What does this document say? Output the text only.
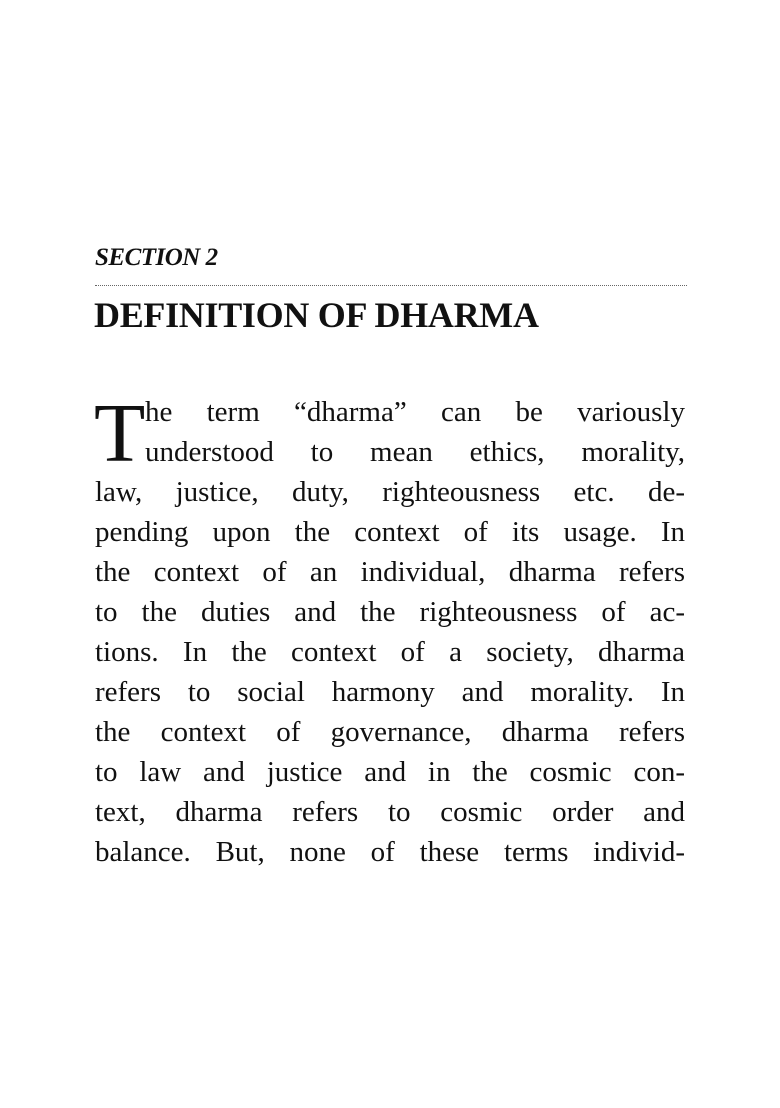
SECTION 2
DEFINITION OF DHARMA
T he term “dharma” can be variously
understood to mean ethics, morality,
law, justice, duty, righteousness etc. de-
pending upon the context of its usage. In
the context of an individual, dharma refers
to the duties and the righteousness of ac-
tions. In the context of a society, dharma
refers to social harmony and morality. In
the context of governance, dharma refers
to law and justice and in the cosmic con-
text, dharma refers to cosmic order and
balance. But, none of these terms individ-
